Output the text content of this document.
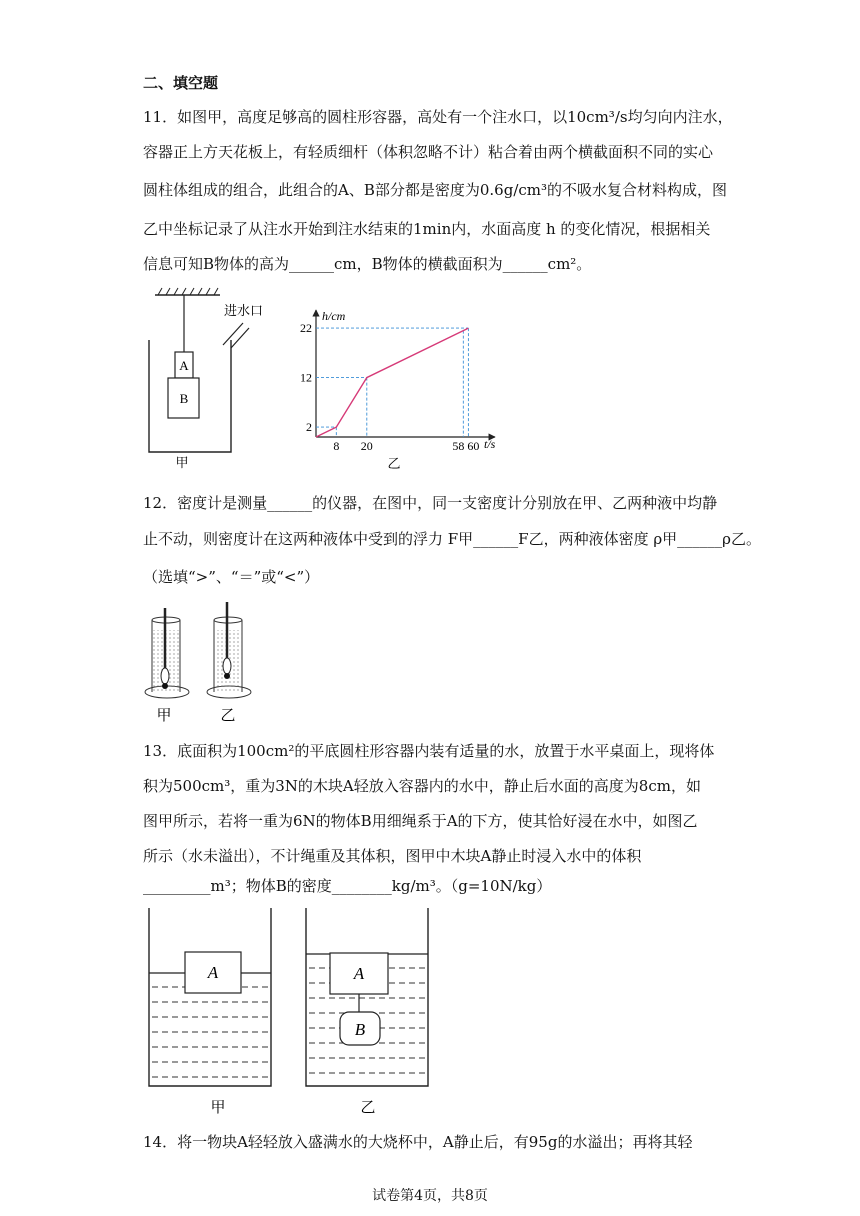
二、填空题
11．如图甲，高度足够高的圆柱形容器，高处有一个注水口，以10cm³/s均匀向内注水，
容器正上方天花板上，有轻质细杆（体积忽略不计）粘合着由两个横截面积不同的实心
圆柱体组成的组合，此组合的A、B部分都是密度为0.6g/cm³的不吸水复合材料构成，图
乙中坐标记录了从注水开始到注水结束的1min内，水面高度 h 的变化情况，根据相关
信息可知B物体的高为______cm，B物体的横截面积为______cm²。
A
B
进水口
甲
h/cm
t/s
2
12
22
8 20	58 60
乙
12．密度计是测量______的仪器，在图中，同一支密度计分别放在甲、乙两种液中均静
止不动，则密度计在这两种液体中受到的浮力 F甲______F乙，两种液体密度 ρ甲______ρ乙。
（选填“>”、“＝”或“<”）
甲	乙
13．底面积为100cm²的平底圆柱形容器内装有适量的水，放置于水平桌面上，现将体
积为500cm³，重为3N的木块A轻放入容器内的水中，静止后水面的高度为8cm，如
图甲所示，若将一重为6N的物体B用细绳系于A的下方，使其恰好浸在水中，如图乙
所示（水未溢出），不计绳重及其体积，图甲中木块A静止时浸入水中的体积
_________m³；物体B的密度________kg/m³。（g=10N/kg）
A	A
B
甲	乙
14．将一物块A轻轻放入盛满水的大烧杯中，A静止后，有95g的水溢出；再将其轻
试卷第4页，共8页
